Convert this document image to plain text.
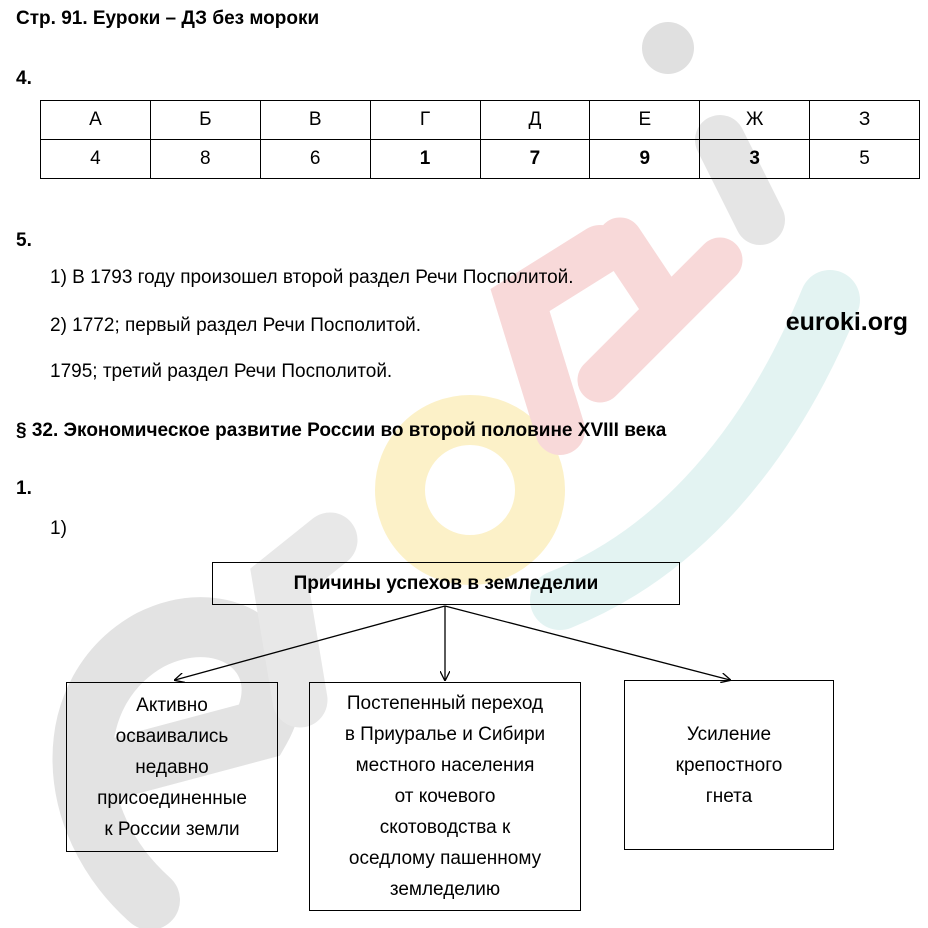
Стр. 91. Еуроки – ДЗ без мороки
4.
А	Б	В	Г	Д	Е	Ж	З
4	8	6	1	7	9	3	5
5.
1) В 1793 году произошел второй раздел Речи Посполитой.
2) 1772; первый раздел Речи Посполитой.	euroki.org
1795; третий раздел Речи Посполитой.
§ 32. Экономическое развитие России во второй половине XVIII века
1.
1)
Причины успехов в земледелии
Активно
осваивались
недавно
присоединенные
к России земли
Постепенный переход
в Приуралье и Сибири
местного населения
от кочевого
скотоводства к
оседлому пашенному
земледелию
Усиление
крепостного
гнета
